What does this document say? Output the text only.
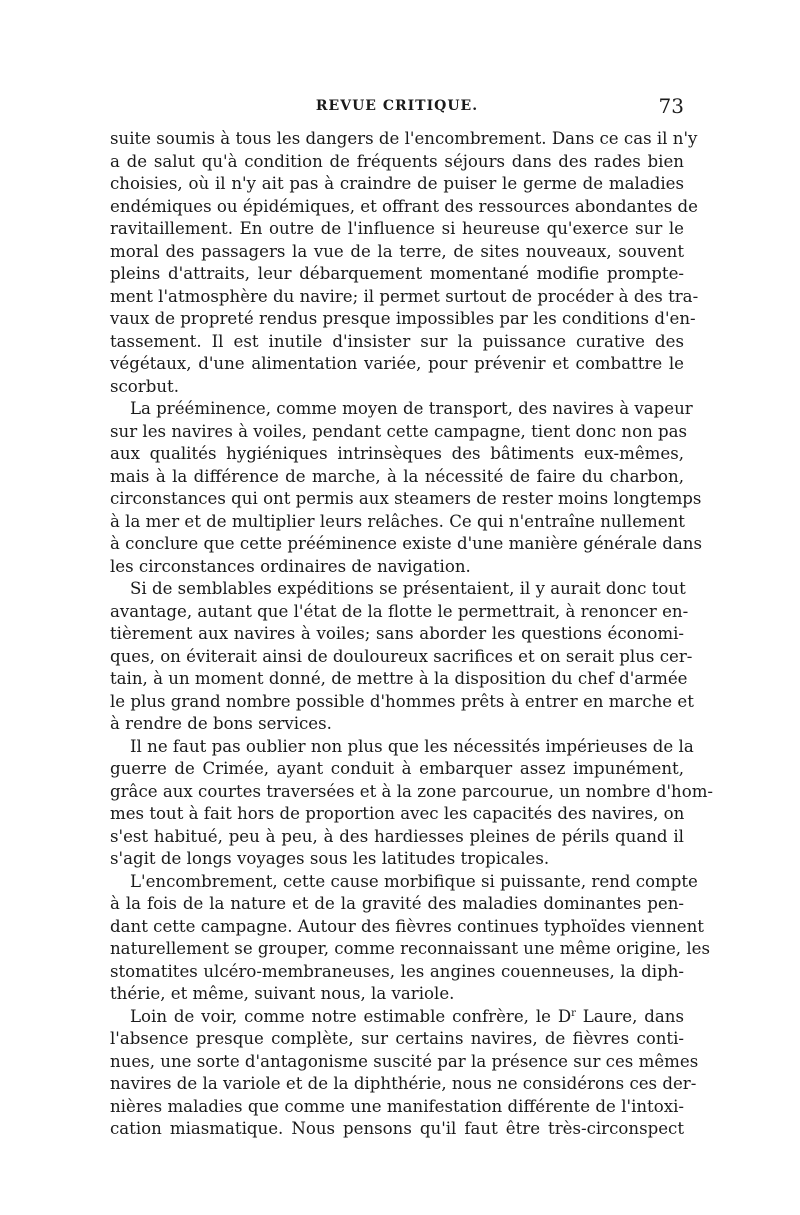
REVUE CRITIQUE.	73
suite soumis à tous les dangers de l'encombrement. Dans ce cas il n'y
a de salut qu'à condition de fréquents séjours dans des rades bien
choisies, où il n'y ait pas à craindre de puiser le germe de maladies
endémiques ou épidémiques, et offrant des ressources abondantes de
ravitaillement. En outre de l'influence si heureuse qu'exerce sur le
moral des passagers la vue de la terre, de sites nouveaux, souvent
pleins d'attraits, leur débarquement momentané modifie prompte-
ment l'atmosphère du navire; il permet surtout de procéder à des tra-
vaux de propreté rendus presque impossibles par les conditions d'en-
tassement. Il est inutile d'insister sur la puissance curative des
végétaux, d'une alimentation variée, pour prévenir et combattre le
scorbut.
La prééminence, comme moyen de transport, des navires à vapeur
sur les navires à voiles, pendant cette campagne, tient donc non pas
aux qualités hygiéniques intrinsèques des bâtiments eux-mêmes,
mais à la différence de marche, à la nécessité de faire du charbon,
circonstances qui ont permis aux steamers de rester moins longtemps
à la mer et de multiplier leurs relâches. Ce qui n'entraîne nullement
à conclure que cette prééminence existe d'une manière générale dans
les circonstances ordinaires de navigation.
Si de semblables expéditions se présentaient, il y aurait donc tout
avantage, autant que l'état de la flotte le permettrait, à renoncer en-
tièrement aux navires à voiles; sans aborder les questions économi-
ques, on éviterait ainsi de douloureux sacrifices et on serait plus cer-
tain, à un moment donné, de mettre à la disposition du chef d'armée
le plus grand nombre possible d'hommes prêts à entrer en marche et
à rendre de bons services.
Il ne faut pas oublier non plus que les nécessités impérieuses de la
guerre de Crimée, ayant conduit à embarquer assez impunément,
grâce aux courtes traversées et à la zone parcourue, un nombre d'hom-
mes tout à fait hors de proportion avec les capacités des navires, on
s'est habitué, peu à peu, à des hardiesses pleines de périls quand il
s'agit de longs voyages sous les latitudes tropicales.
L'encombrement, cette cause morbifique si puissante, rend compte
à la fois de la nature et de la gravité des maladies dominantes pen-
dant cette campagne. Autour des fièvres continues typhoïdes viennent
naturellement se grouper, comme reconnaissant une même origine, les
stomatites ulcéro-membraneuses, les angines couenneuses, la diph-
thérie, et même, suivant nous, la variole.
Loin de voir, comme notre estimable confrère, le $D^r$ Laure, dans
l'absence presque complète, sur certains navires, de fièvres conti-
nues, une sorte d'antagonisme suscité par la présence sur ces mêmes
navires de la variole et de la diphthérie, nous ne considérons ces der-
nières maladies que comme une manifestation différente de l'intoxi-
cation miasmatique. Nous pensons qu'il faut être très-circonspect
